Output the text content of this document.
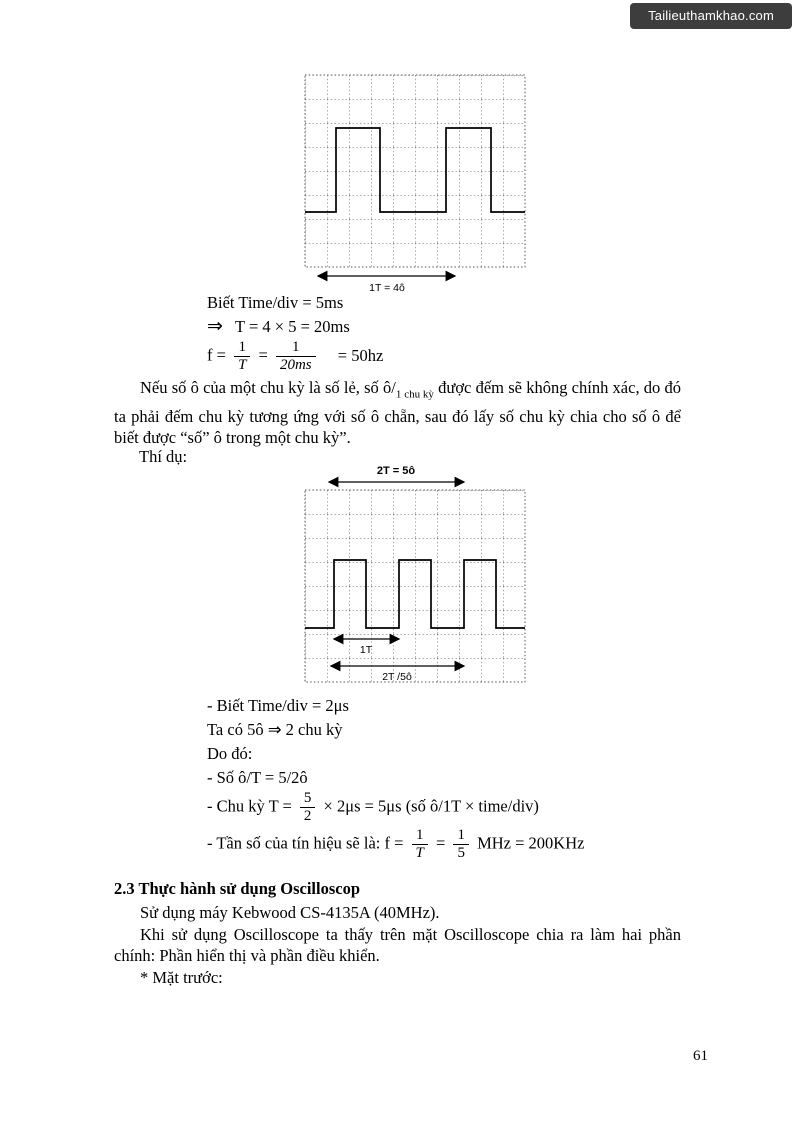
Tailieuthamkhao.com
1T = 4ô
Biết Time/div = 5ms
⇒ T = 4 × 5 = 20ms
$f = \frac{1}{T} = \frac{1}{20ms} = 50hz$

Nếu số ô của một chu kỳ là số lẻ, số $ô/_{1 chu kỳ}$ được đếm sẽ không chính xác, do đó ta phải đếm chu kỳ tương ứng với số ô chẵn, sau đó lấy số chu kỳ chia cho số ô để biết được “số” ô trong một chu kỳ”.

Thí dụ:
2T = 5ô
1T
2T /5ô
- Biết Time/div = 2μs
Ta có 5ô ⇒ 2 chu kỳ
Do đó:
- Số ô/T = 5/2ô
- Chu kỳ $T = \frac{5}{2} \times 2\mu s = 5\mu s$ (số ô/1T × time/div)
- Tần số của tín hiệu sẽ là: $f = \frac{1}{T} = \frac{1}{5}$ MHz = 200KHz
2.3 Thực hành sử dụng Oscilloscop

Sử dụng máy Kebwood CS-4135A (40MHz).

Khi sử dụng Oscilloscope ta thấy trên mặt Oscilloscope chia ra làm hai phần chính: Phần hiển thị và phần điều khiển.

* Mặt trước:

61
